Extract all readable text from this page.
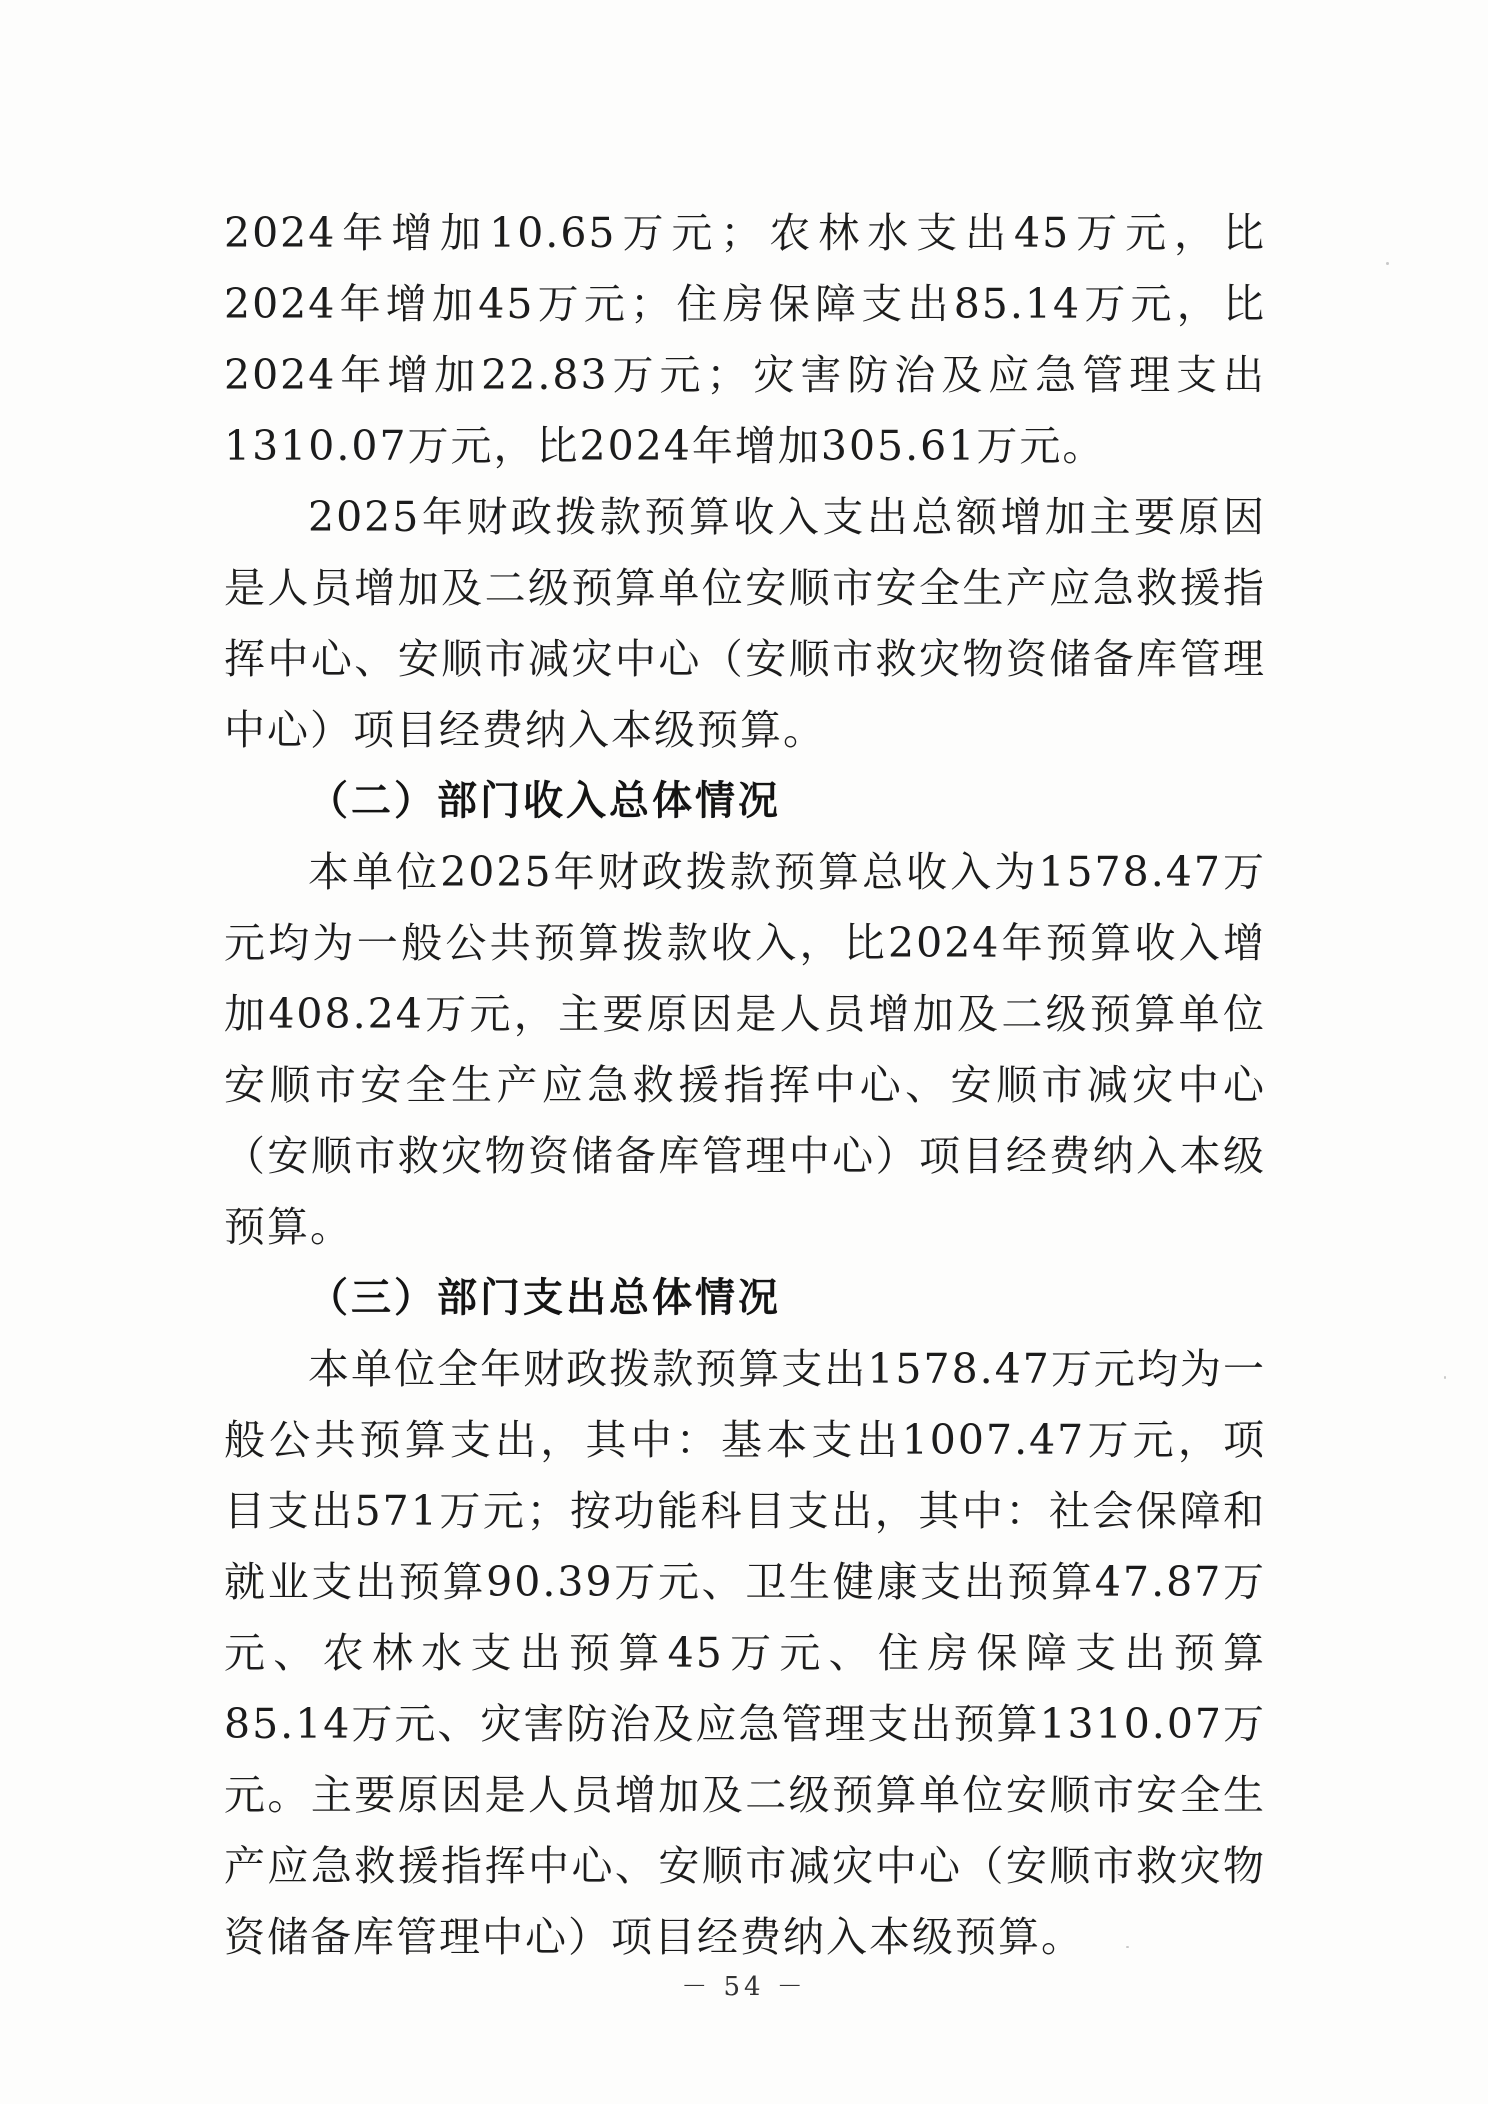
2024年增加10.65万元；农林水支出45万元，比2024年增加45万元；住房保障支出85.14万元，比2024年增加22.83万元；灾害防治及应急管理支出1310.07万元，比2024年增加305.61万元。

2025年财政拨款预算收入支出总额增加主要原因是人员增加及二级预算单位安顺市安全生产应急救援指挥中心、安顺市减灾中心（安顺市救灾物资储备库管理中心）项目经费纳入本级预算。

（二）部门收入总体情况

本单位2025年财政拨款预算总收入为1578.47万元均为一般公共预算拨款收入，比2024年预算收入增加408.24万元，主要原因是人员增加及二级预算单位安顺市安全生产应急救援指挥中心、安顺市减灾中心（安顺市救灾物资储备库管理中心）项目经费纳入本级预算。

（三）部门支出总体情况

本单位全年财政拨款预算支出1578.47万元均为一般公共预算支出，其中：基本支出1007.47万元，项目支出571万元；按功能科目支出，其中：社会保障和就业支出预算90.39万元、卫生健康支出预算47.87万元、农林水支出预算45万元、住房保障支出预算85.14万元、灾害防治及应急管理支出预算1310.07万元。主要原因是人员增加及二级预算单位安顺市安全生产应急救援指挥中心、安顺市减灾中心（安顺市救灾物资储备库管理中心）项目经费纳入本级预算。

－ 54 －
